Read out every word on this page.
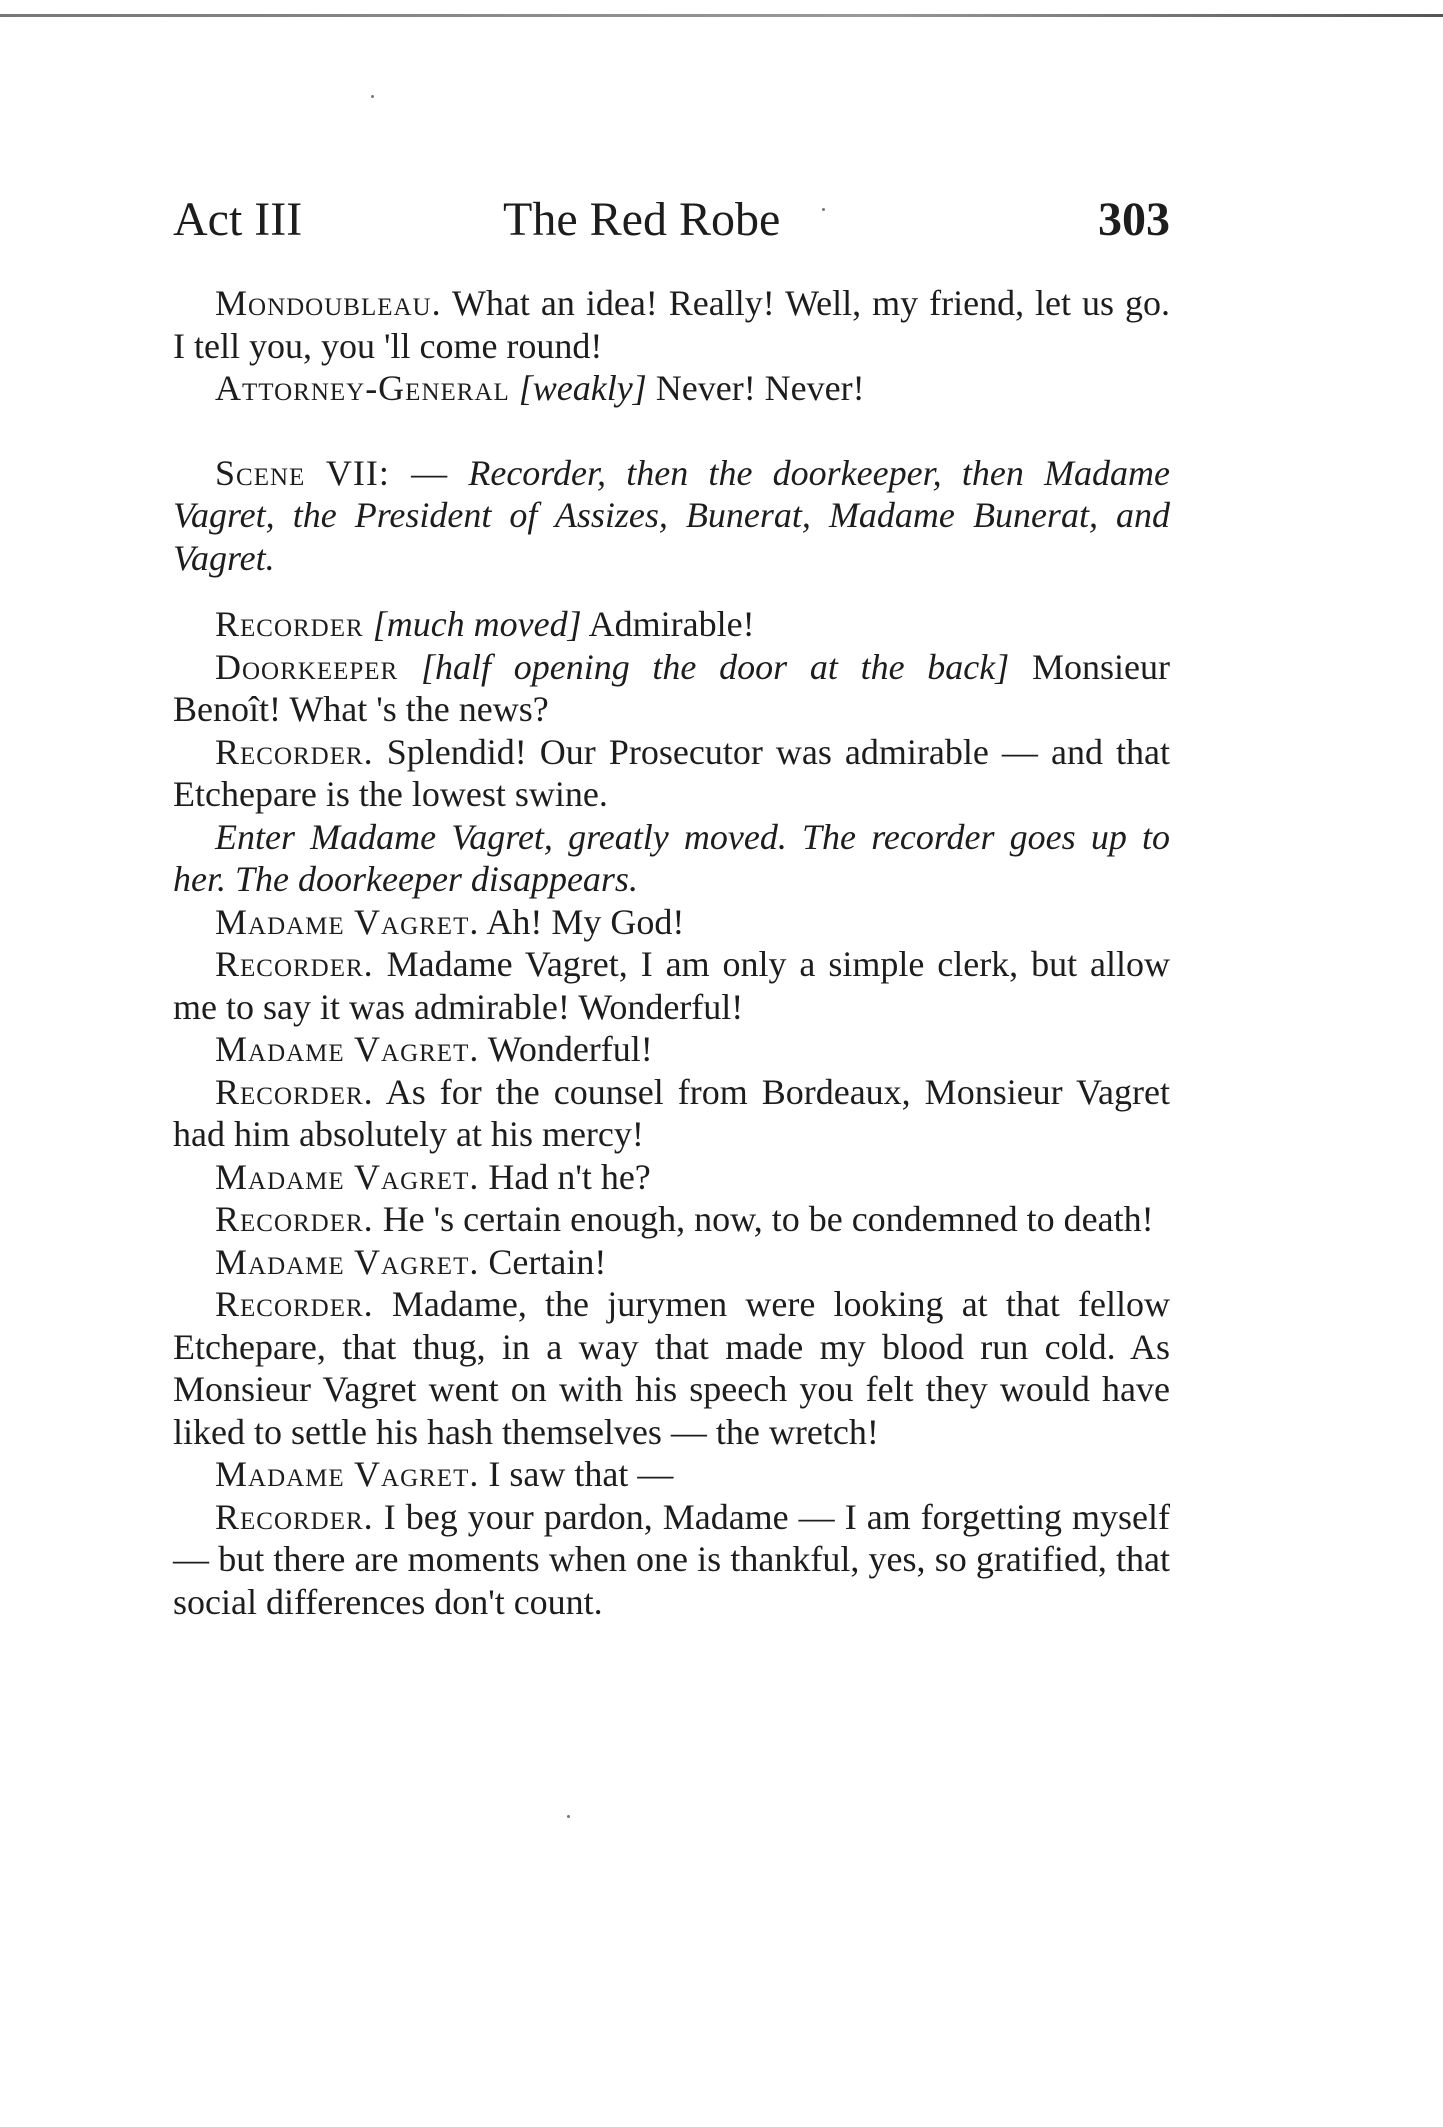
Act III	The Red Robe	303

Mondoubleau. What an idea! Really! Well, my friend, let us go. I tell you, you 'll come round!

Attorney-General [weakly] Never! Never!

Scene VII: — Recorder, then the doorkeeper, then Madame Vagret, the President of Assizes, Bunerat, Madame Bunerat, and Vagret.

Recorder [much moved] Admirable!

Doorkeeper [half opening the door at the back] Monsieur Benoît! What 's the news?

Recorder. Splendid! Our Prosecutor was admirable — and that Etchepare is the lowest swine.

Enter Madame Vagret, greatly moved. The recorder goes up to her. The doorkeeper disappears.

Madame Vagret. Ah! My God!

Recorder. Madame Vagret, I am only a simple clerk, but allow me to say it was admirable! Wonderful!

Madame Vagret. Wonderful!

Recorder. As for the counsel from Bordeaux, Monsieur Vagret had him absolutely at his mercy!

Madame Vagret. Had n't he?

Recorder. He 's certain enough, now, to be condemned to death!

Madame Vagret. Certain!

Recorder. Madame, the jurymen were looking at that fellow Etchepare, that thug, in a way that made my blood run cold. As Monsieur Vagret went on with his speech you felt they would have liked to settle his hash themselves — the wretch!

Madame Vagret. I saw that —

Recorder. I beg your pardon, Madame — I am forgetting myself — but there are moments when one is thankful, yes, so gratified, that social differences don't count.
